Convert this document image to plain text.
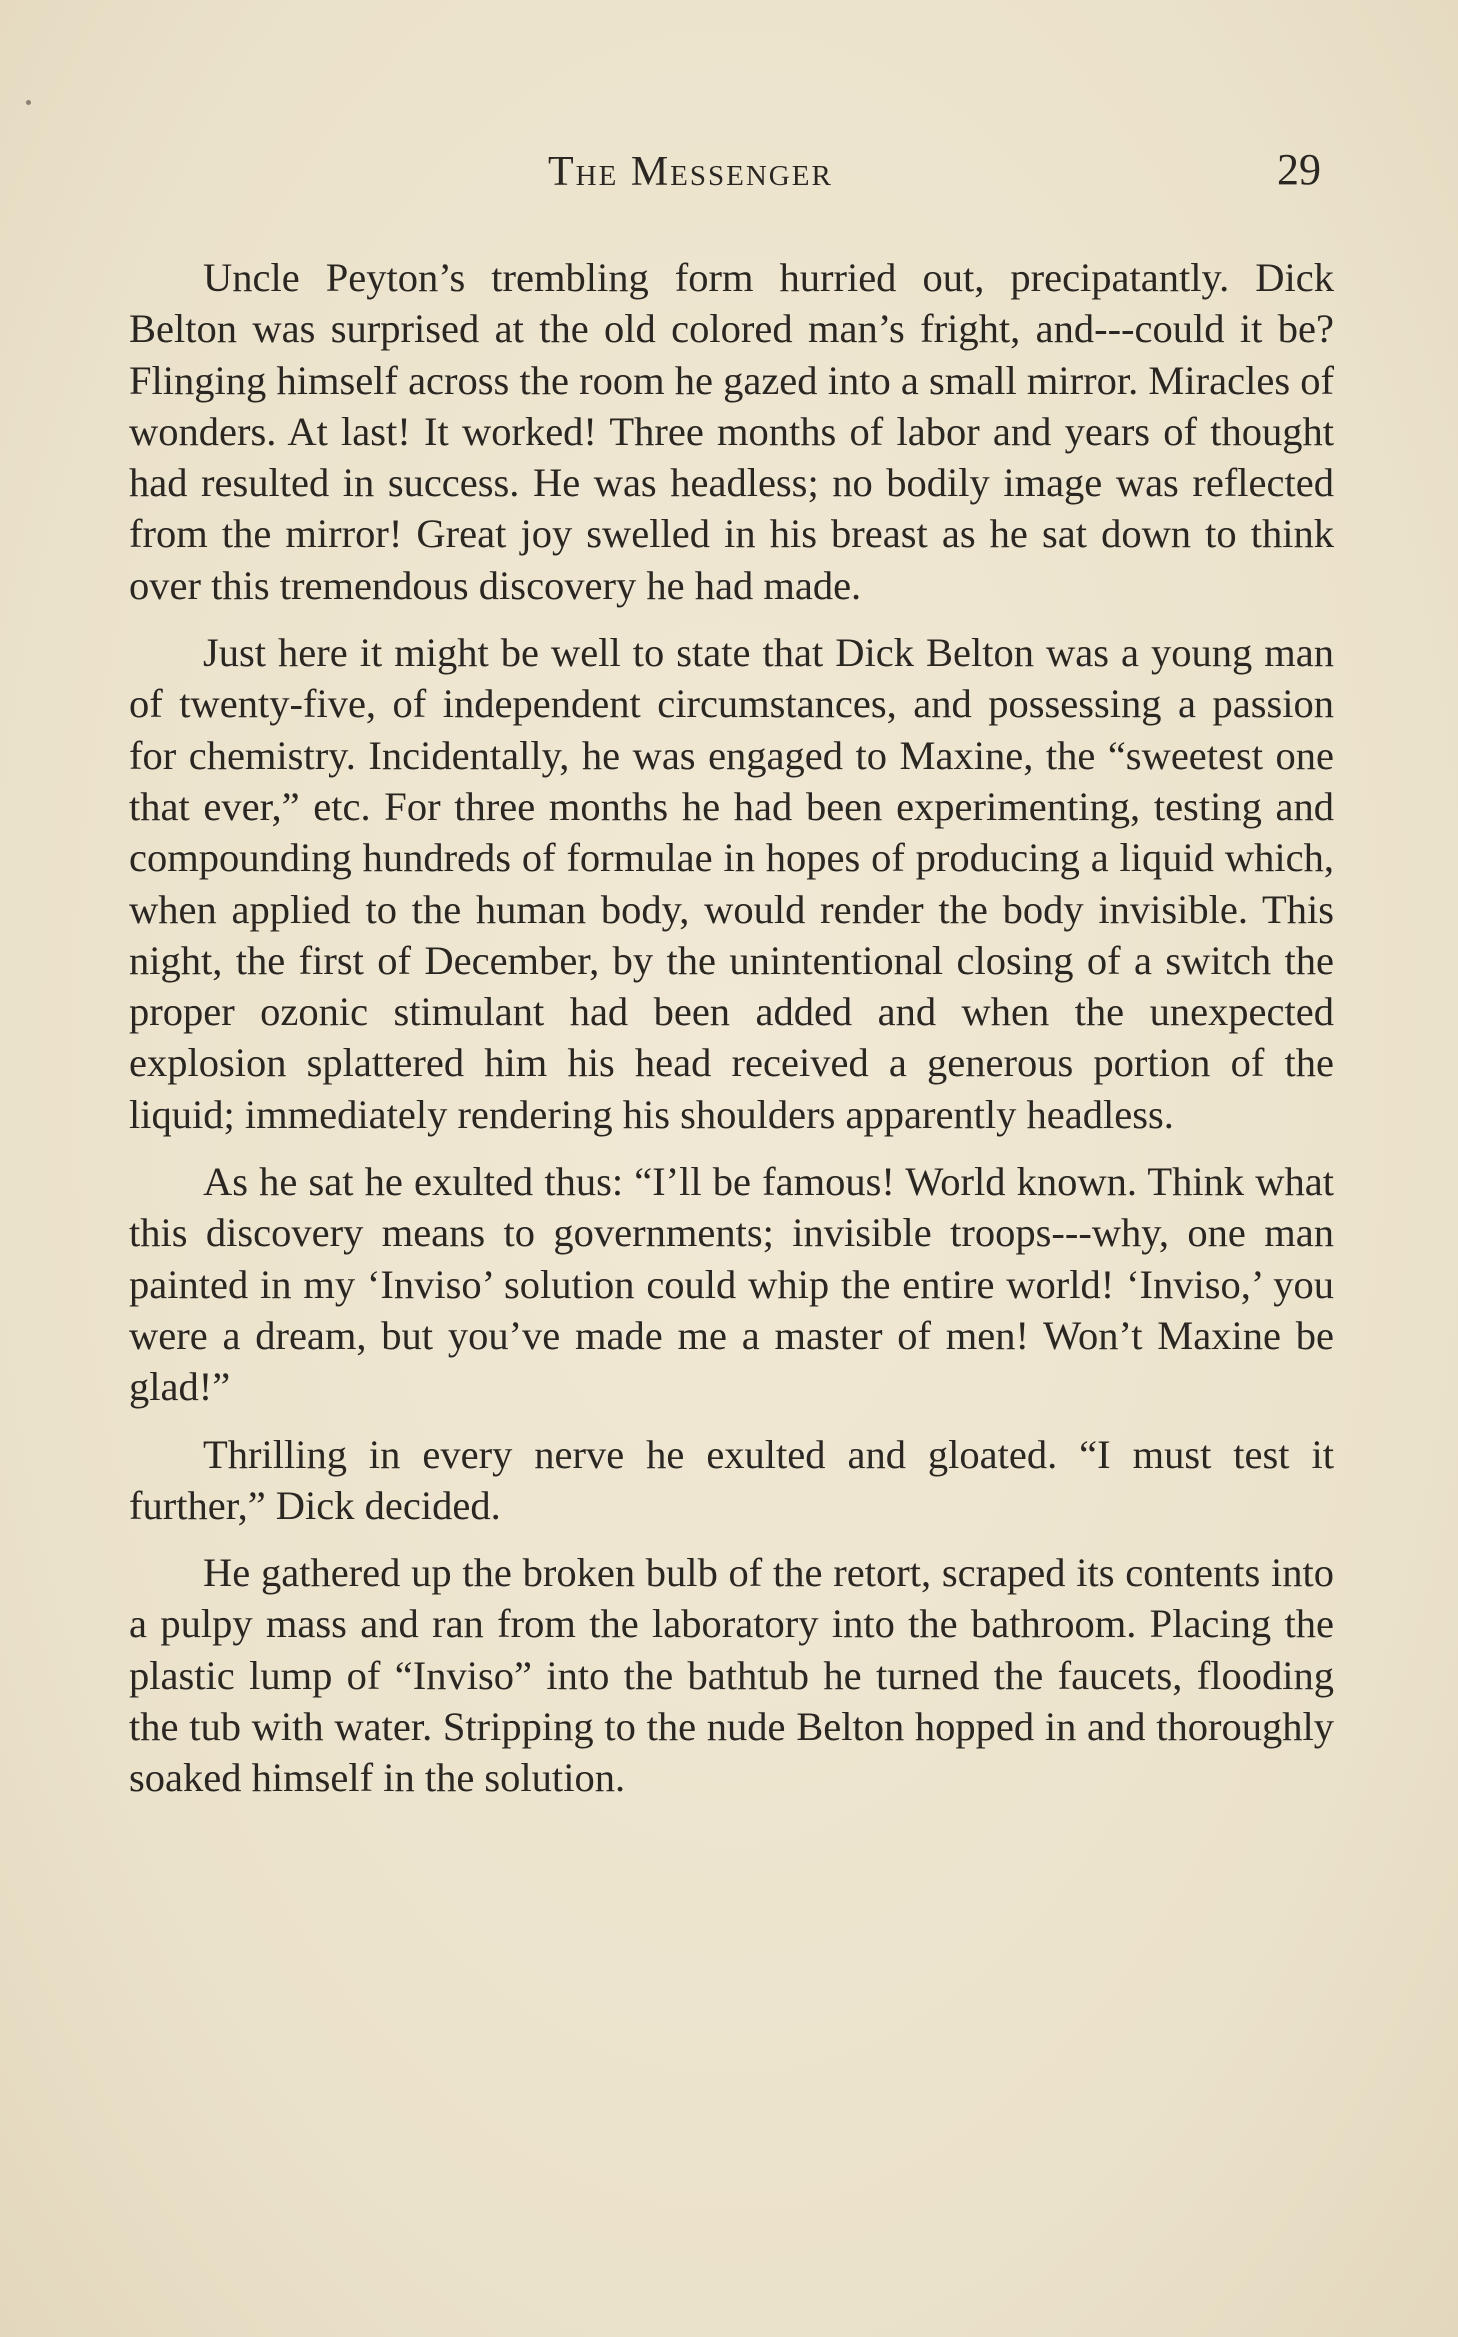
The Messenger	29

Uncle Peyton’s trembling form hurried out, precipatantly. Dick Belton was surprised at the old colored man’s fright, and---could it be? Flinging himself across the room he gazed into a small mirror. Miracles of wonders. At last! It worked! Three months of labor and years of thought had resulted in success. He was headless; no bodily image was reflected from the mirror! Great joy swelled in his breast as he sat down to think over this tremendous discovery he had made.

Just here it might be well to state that Dick Belton was a young man of twenty-five, of independent circumstances, and possessing a passion for chemistry. Incidentally, he was engaged to Maxine, the “sweetest one that ever,” etc. For three months he had been experimenting, testing and compounding hundreds of formulae in hopes of producing a liquid which, when applied to the human body, would render the body invisible. This night, the first of December, by the unintentional closing of a switch the proper ozonic stimulant had been added and when the unexpected explosion splattered him his head received a generous portion of the liquid; immediately rendering his shoulders apparently headless.

As he sat he exulted thus: “I’ll be famous! World known. Think what this discovery means to governments; invisible troops---why, one man painted in my ‘Inviso’ solution could whip the entire world! ‘Inviso,’ you were a dream, but you’ve made me a master of men! Won’t Maxine be glad!”

Thrilling in every nerve he exulted and gloated. “I must test it further,” Dick decided.

He gathered up the broken bulb of the retort, scraped its contents into a pulpy mass and ran from the laboratory into the bathroom. Placing the plastic lump of “Inviso” into the bathtub he turned the faucets, flooding the tub with water. Stripping to the nude Belton hopped in and thoroughly soaked himself in the solution.
